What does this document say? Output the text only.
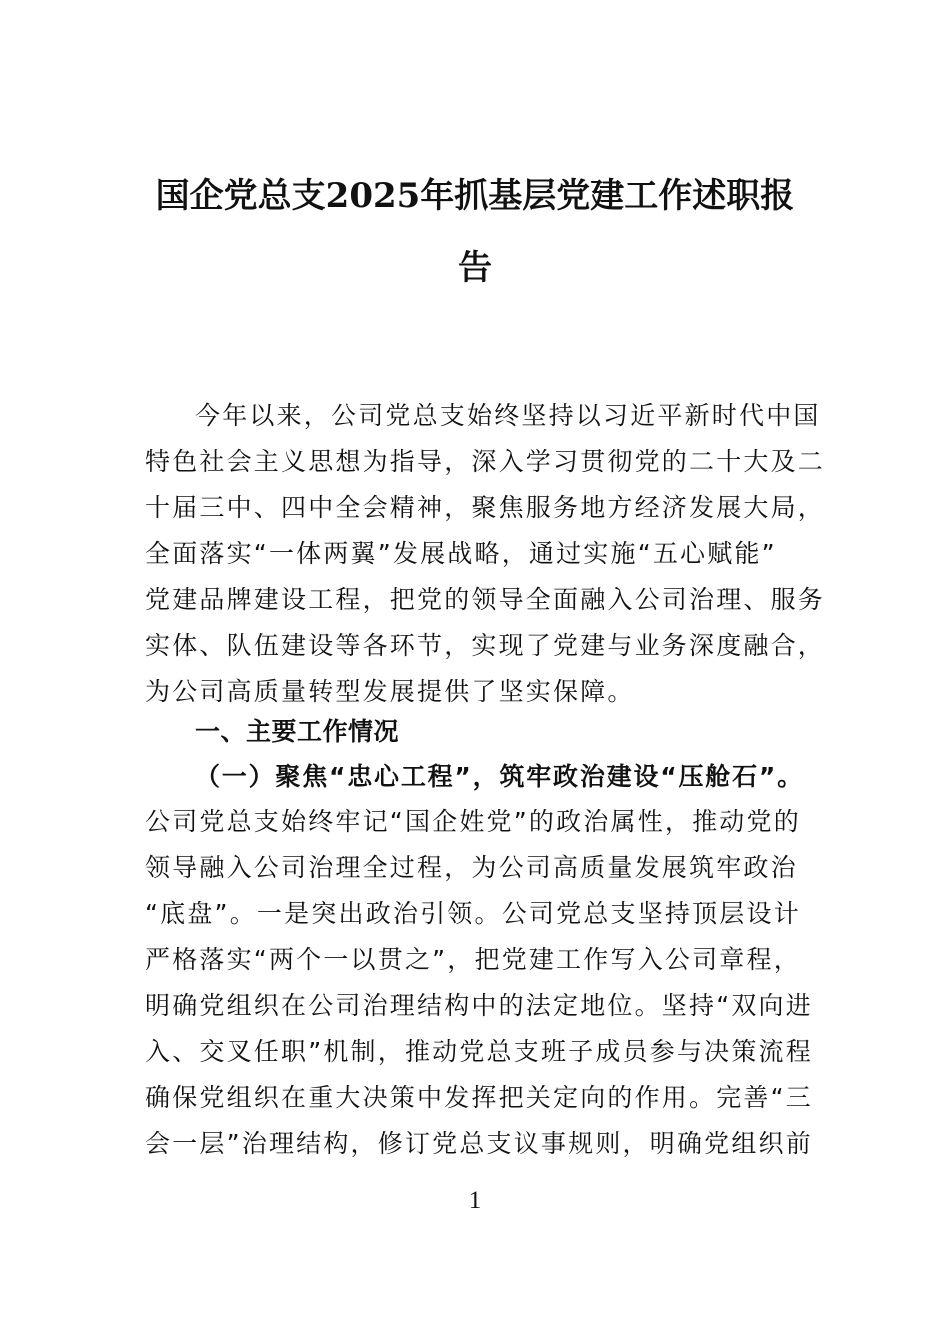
国企党总支2025年抓基层党建工作述职报
告
今年以来，公司党总支始终坚持以习近平新时代中国
特色社会主义思想为指导，深入学习贯彻党的二十大及二
十届三中、四中全会精神，聚焦服务地方经济发展大局，
全面落实“一体两翼”发展战略，通过实施“五心赋能”
党建品牌建设工程，把党的领导全面融入公司治理、服务
实体、队伍建设等各环节，实现了党建与业务深度融合，
为公司高质量转型发展提供了坚实保障。
一、主要工作情况
（一）聚焦“忠心工程”，筑牢政治建设“压舱石”。
公司党总支始终牢记“国企姓党”的政治属性，推动党的
领导融入公司治理全过程，为公司高质量发展筑牢政治
“底盘”。一是突出政治引领。公司党总支坚持顶层设计
严格落实“两个一以贯之”，把党建工作写入公司章程，
明确党组织在公司治理结构中的法定地位。坚持“双向进
入、交叉任职”机制，推动党总支班子成员参与决策流程
确保党组织在重大决策中发挥把关定向的作用。完善“三
会一层”治理结构，修订党总支议事规则，明确党组织前
1
